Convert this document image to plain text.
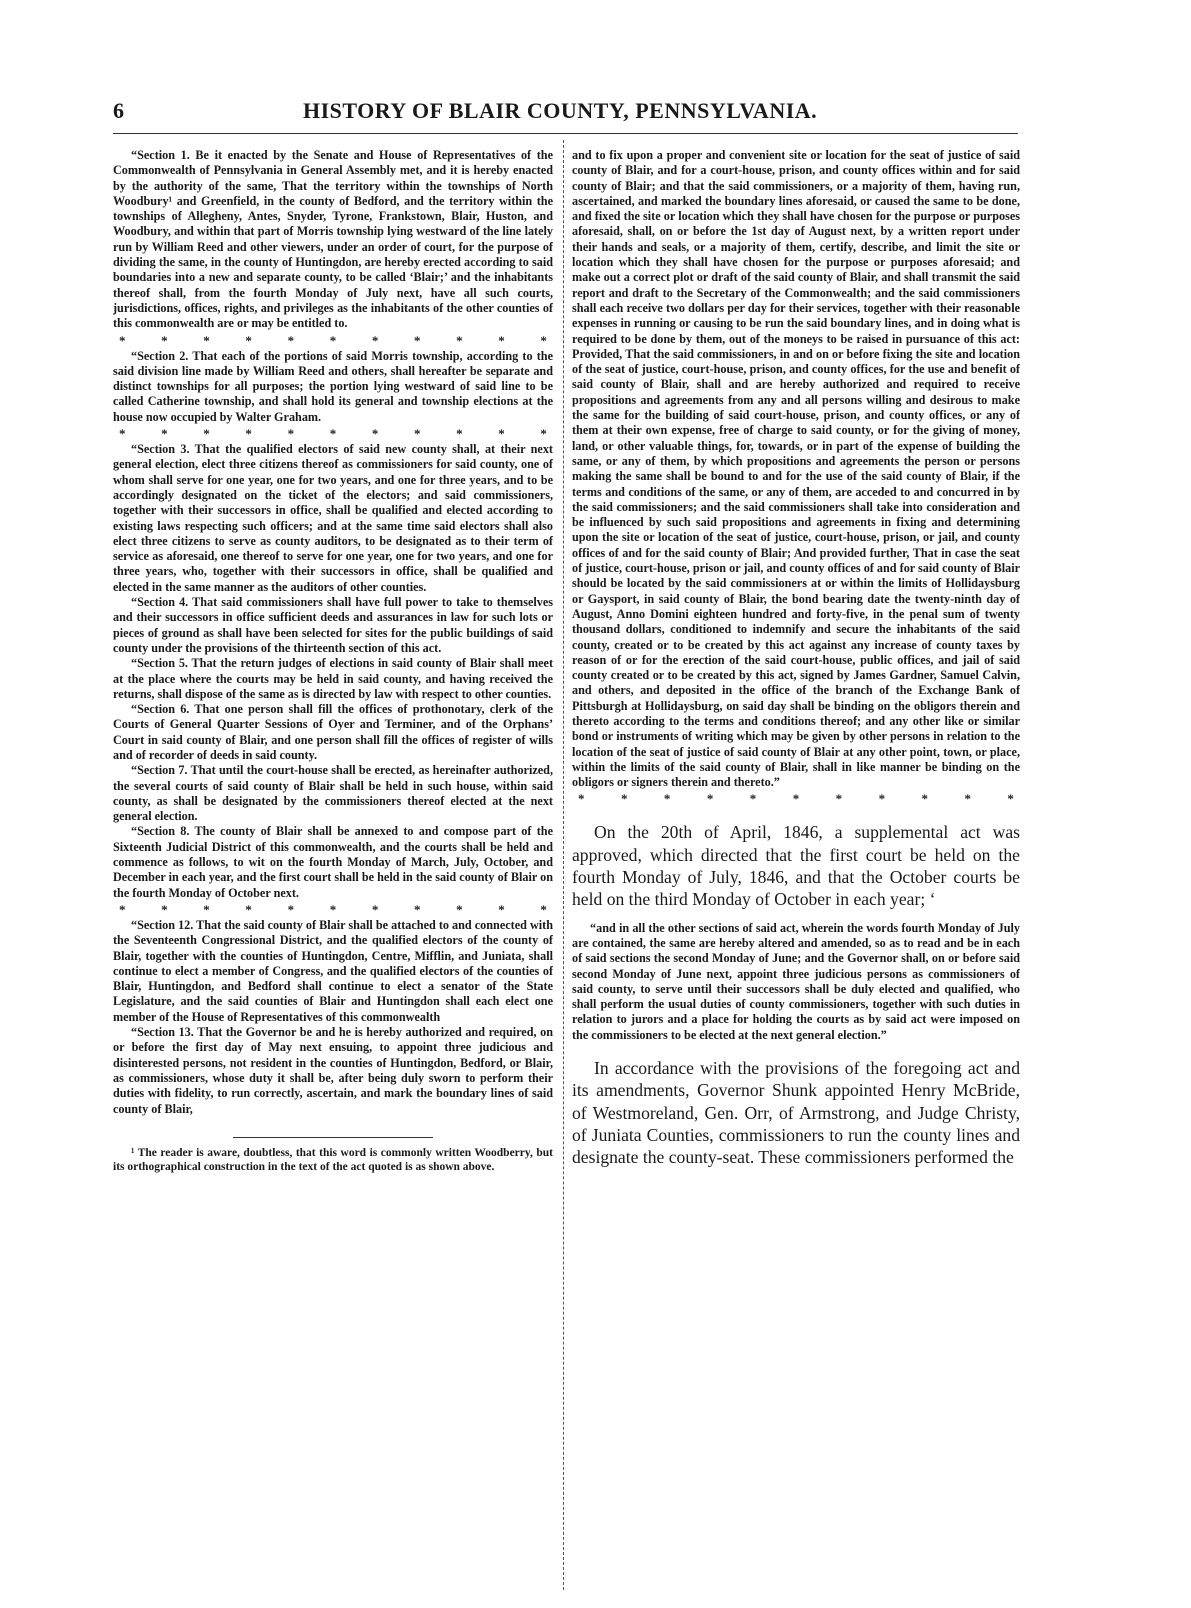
6	HISTORY OF BLAIR COUNTY, PENNSYLVANIA.

“Section 1. Be it enacted by the Senate and House of Representatives of the Commonwealth of Pennsylvania in General Assembly met, and it is hereby enacted by the authority of the same, That the territory within the townships of North Woodbury¹ and Greenfield, in the county of Bedford, and the territory within the townships of Allegheny, Antes, Snyder, Tyrone, Frankstown, Blair, Huston, and Woodbury, and within that part of Morris township lying westward of the line lately run by William Reed and other viewers, under an order of court, for the purpose of dividing the same, in the county of Huntingdon, are hereby erected according to said boundaries into a new and separate county, to be called ‘Blair;’ and the inhabitants thereof shall, from the fourth Monday of July next, have all such courts, jurisdictions, offices, rights, and privileges as the inhabitants of the other counties of this commonwealth are or may be entitled to.

*	*	*	*	*	*	*	*	*	*	*

“Section 2. That each of the portions of said Morris township, according to the said division line made by William Reed and others, shall hereafter be separate and distinct townships for all purposes; the portion lying westward of said line to be called Catherine township, and shall hold its general and township elections at the house now occupied by Walter Graham.

*	*	*	*	*	*	*	*	*	*	*

“Section 3. That the qualified electors of said new county shall, at their next general election, elect three citizens thereof as commissioners for said county, one of whom shall serve for one year, one for two years, and one for three years, and to be accordingly designated on the ticket of the electors; and said commissioners, together with their successors in office, shall be qualified and elected according to existing laws respecting such officers; and at the same time said electors shall also elect three citizens to serve as county auditors, to be designated as to their term of service as aforesaid, one thereof to serve for one year, one for two years, and one for three years, who, together with their successors in office, shall be qualified and elected in the same manner as the auditors of other counties.

“Section 4. That said commissioners shall have full power to take to themselves and their successors in office sufficient deeds and assurances in law for such lots or pieces of ground as shall have been selected for sites for the public buildings of said county under the provisions of the thirteenth section of this act.

“Section 5. That the return judges of elections in said county of Blair shall meet at the place where the courts may be held in said county, and having received the returns, shall dispose of the same as is directed by law with respect to other counties.

“Section 6. That one person shall fill the offices of prothonotary, clerk of the Courts of General Quarter Sessions of Oyer and Terminer, and of the Orphans’ Court in said county of Blair, and one person shall fill the offices of register of wills and of recorder of deeds in said county.

“Section 7. That until the court-house shall be erected, as hereinafter authorized, the several courts of said county of Blair shall be held in such house, within said county, as shall be designated by the commissioners thereof elected at the next general election.

“Section 8. The county of Blair shall be annexed to and compose part of the Sixteenth Judicial District of this commonwealth, and the courts shall be held and commence as follows, to wit on the fourth Monday of March, July, October, and December in each year, and the first court shall be held in the said county of Blair on the fourth Monday of October next.

*	*	*	*	*	*	*	*	*	*	*

“Section 12. That the said county of Blair shall be attached to and connected with the Seventeenth Congressional District, and the qualified electors of the county of Blair, together with the counties of Huntingdon, Centre, Mifflin, and Juniata, shall continue to elect a member of Congress, and the qualified electors of the counties of Blair, Huntingdon, and Bedford shall continue to elect a senator of the State Legislature, and the said counties of Blair and Huntingdon shall each elect one member of the House of Representatives of this commonwealth

“Section 13. That the Governor be and he is hereby authorized and required, on or before the first day of May next ensuing, to appoint three judicious and disinterested persons, not resident in the counties of Huntingdon, Bedford, or Blair, as commissioners, whose duty it shall be, after being duly sworn to perform their duties with fidelity, to run correctly, ascertain, and mark the boundary lines of said county of Blair,

¹ The reader is aware, doubtless, that this word is commonly written Woodberry, but its orthographical construction in the text of the act quoted is as shown above.

and to fix upon a proper and convenient site or location for the seat of justice of said county of Blair, and for a court-house, prison, and county offices within and for said county of Blair; and that the said commissioners, or a majority of them, having run, ascertained, and marked the boundary lines aforesaid, or caused the same to be done, and fixed the site or location which they shall have chosen for the purpose or purposes aforesaid, shall, on or before the 1st day of August next, by a written report under their hands and seals, or a majority of them, certify, describe, and limit the site or location which they shall have chosen for the purpose or purposes aforesaid; and make out a correct plot or draft of the said county of Blair, and shall transmit the said report and draft to the Secretary of the Commonwealth; and the said commissioners shall each receive two dollars per day for their services, together with their reasonable expenses in running or causing to be run the said boundary lines, and in doing what is required to be done by them, out of the moneys to be raised in pursuance of this act: Provided, That the said commissioners, in and on or before fixing the site and location of the seat of justice, court-house, prison, and county offices, for the use and benefit of said county of Blair, shall and are hereby authorized and required to receive propositions and agreements from any and all persons willing and desirous to make the same for the building of said court-house, prison, and county offices, or any of them at their own expense, free of charge to said county, or for the giving of money, land, or other valuable things, for, towards, or in part of the expense of building the same, or any of them, by which propositions and agreements the person or persons making the same shall be bound to and for the use of the said county of Blair, if the terms and conditions of the same, or any of them, are acceded to and concurred in by the said commissioners; and the said commissioners shall take into consideration and be influenced by such said propositions and agreements in fixing and determining upon the site or location of the seat of justice, court-house, prison, or jail, and county offices of and for the said county of Blair; And provided further, That in case the seat of justice, court-house, prison or jail, and county offices of and for said county of Blair should be located by the said commissioners at or within the limits of Hollidaysburg or Gaysport, in said county of Blair, the bond bearing date the twenty-ninth day of August, Anno Domini eighteen hundred and forty-five, in the penal sum of twenty thousand dollars, conditioned to indemnify and secure the inhabitants of the said county, created or to be created by this act against any increase of county taxes by reason of or for the erection of the said court-house, public offices, and jail of said county created or to be created by this act, signed by James Gardner, Samuel Calvin, and others, and deposited in the office of the branch of the Exchange Bank of Pittsburgh at Hollidaysburg, on said day shall be binding on the obligors therein and thereto according to the terms and conditions thereof; and any other like or similar bond or instruments of writing which may be given by other persons in relation to the location of the seat of justice of said county of Blair at any other point, town, or place, within the limits of the said county of Blair, shall in like manner be binding on the obligors or signers therein and thereto.”

*	*	*	*	*	*	*	*	*	*	*

On the 20th of April, 1846, a supplemental act was approved, which directed that the first court be held on the fourth Monday of July, 1846, and that the October courts be held on the third Monday of October in each year; ‘

“and in all the other sections of said act, wherein the words fourth Monday of July are contained, the same are hereby altered and amended, so as to read and be in each of said sections the second Monday of June; and the Governor shall, on or before said second Monday of June next, appoint three judicious persons as commissioners of said county, to serve until their successors shall be duly elected and qualified, who shall perform the usual duties of county commissioners, together with such duties in relation to jurors and a place for holding the courts as by said act were imposed on the commissioners to be elected at the next general election.”

In accordance with the provisions of the foregoing act and its amendments, Governor Shunk appointed Henry McBride, of Westmoreland, Gen. Orr, of Armstrong, and Judge Christy, of Juniata Counties, commissioners to run the county lines and designate the county-seat. These commissioners performed the
